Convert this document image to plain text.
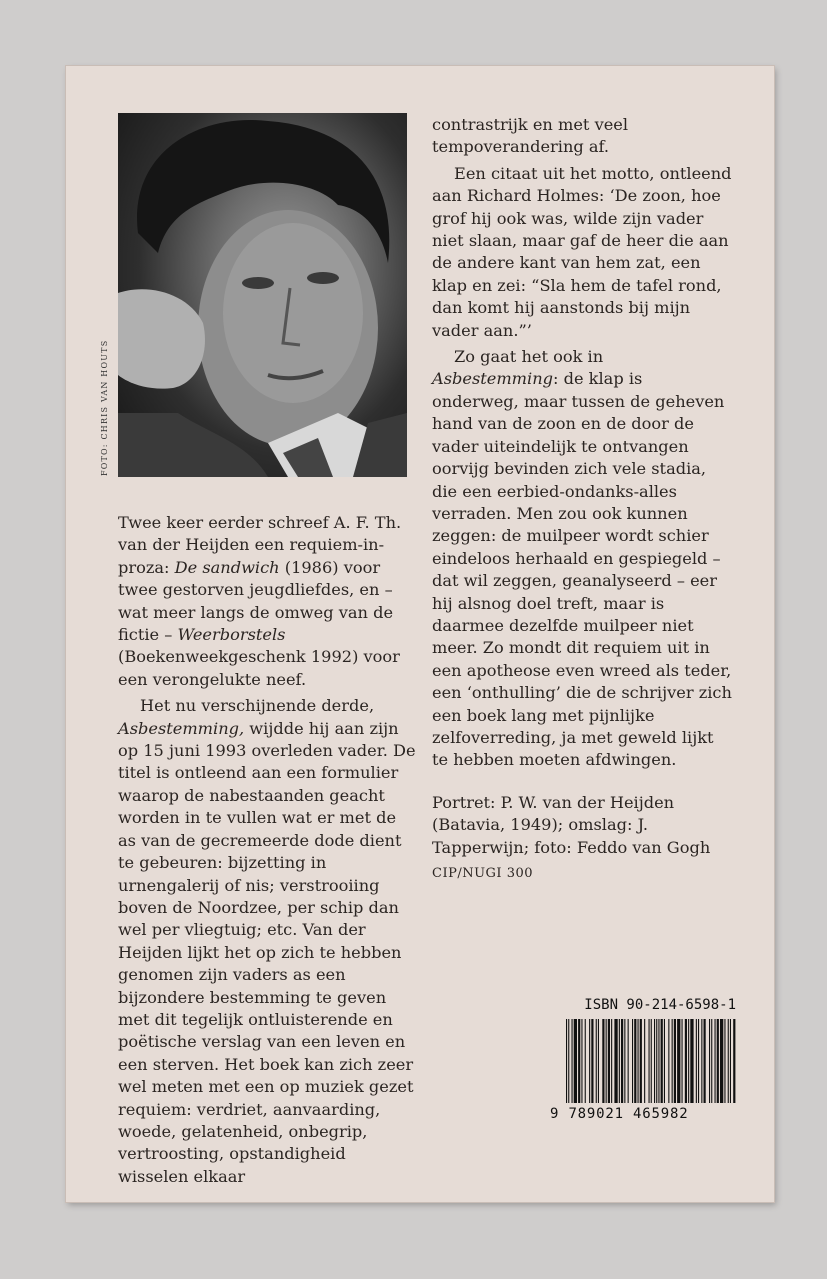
FOTO: CHRIS VAN HOUTS

Twee keer eerder schreef A. F. Th. van der Heijden een requiem-in-proza: De sandwich (1986) voor twee gestorven jeugdliefdes, en – wat meer langs de omweg van de fictie – Weerborstels (Boekenweekgeschenk 1992) voor een verongelukte neef.

Het nu verschijnende derde, Asbestemming, wijdde hij aan zijn op 15 juni 1993 overleden vader. De titel is ontleend aan een formulier waarop de nabestaanden geacht worden in te vullen wat er met de as van de gecremeerde dode dient te gebeuren: bijzetting in urnengalerij of nis; verstrooiing boven de Noordzee, per schip dan wel per vliegtuig; etc. Van der Heijden lijkt het op zich te hebben genomen zijn vaders as een bijzondere bestemming te geven met dit tegelijk ontluisterende en poëtische verslag van een leven en een sterven. Het boek kan zich zeer wel meten met een op muziek gezet requiem: verdriet, aanvaarding, woede, gelatenheid, onbegrip, vertroosting, opstandigheid wisselen elkaar

contrastrijk en met veel tempoverandering af.

Een citaat uit het motto, ontleend aan Richard Holmes: ‘De zoon, hoe grof hij ook was, wilde zijn vader niet slaan, maar gaf de heer die aan de andere kant van hem zat, een klap en zei: “Sla hem de tafel rond, dan komt hij aanstonds bij mijn vader aan.”’

Zo gaat het ook in Asbestemming: de klap is onderweg, maar tussen de geheven hand van de zoon en de door de vader uiteindelijk te ontvangen oorvijg bevinden zich vele stadia, die een eerbied-ondanks-alles verraden. Men zou ook kunnen zeggen: de muilpeer wordt schier eindeloos herhaald en gespiegeld – dat wil zeggen, geanalyseerd – eer hij alsnog doel treft, maar is daarmee dezelfde muilpeer niet meer. Zo mondt dit requiem uit in een apotheose even wreed als teder, een ‘onthulling’ die de schrijver zich een boek lang met pijnlijke zelfoverreding, ja met geweld lijkt te hebben moeten afdwingen.

Portret: P. W. van der Heijden (Batavia, 1949); omslag: J. Tapperwijn; foto: Feddo van Gogh

CIP/NUGI 300

ISBN 90-214-6598-1
9 789021 465982
